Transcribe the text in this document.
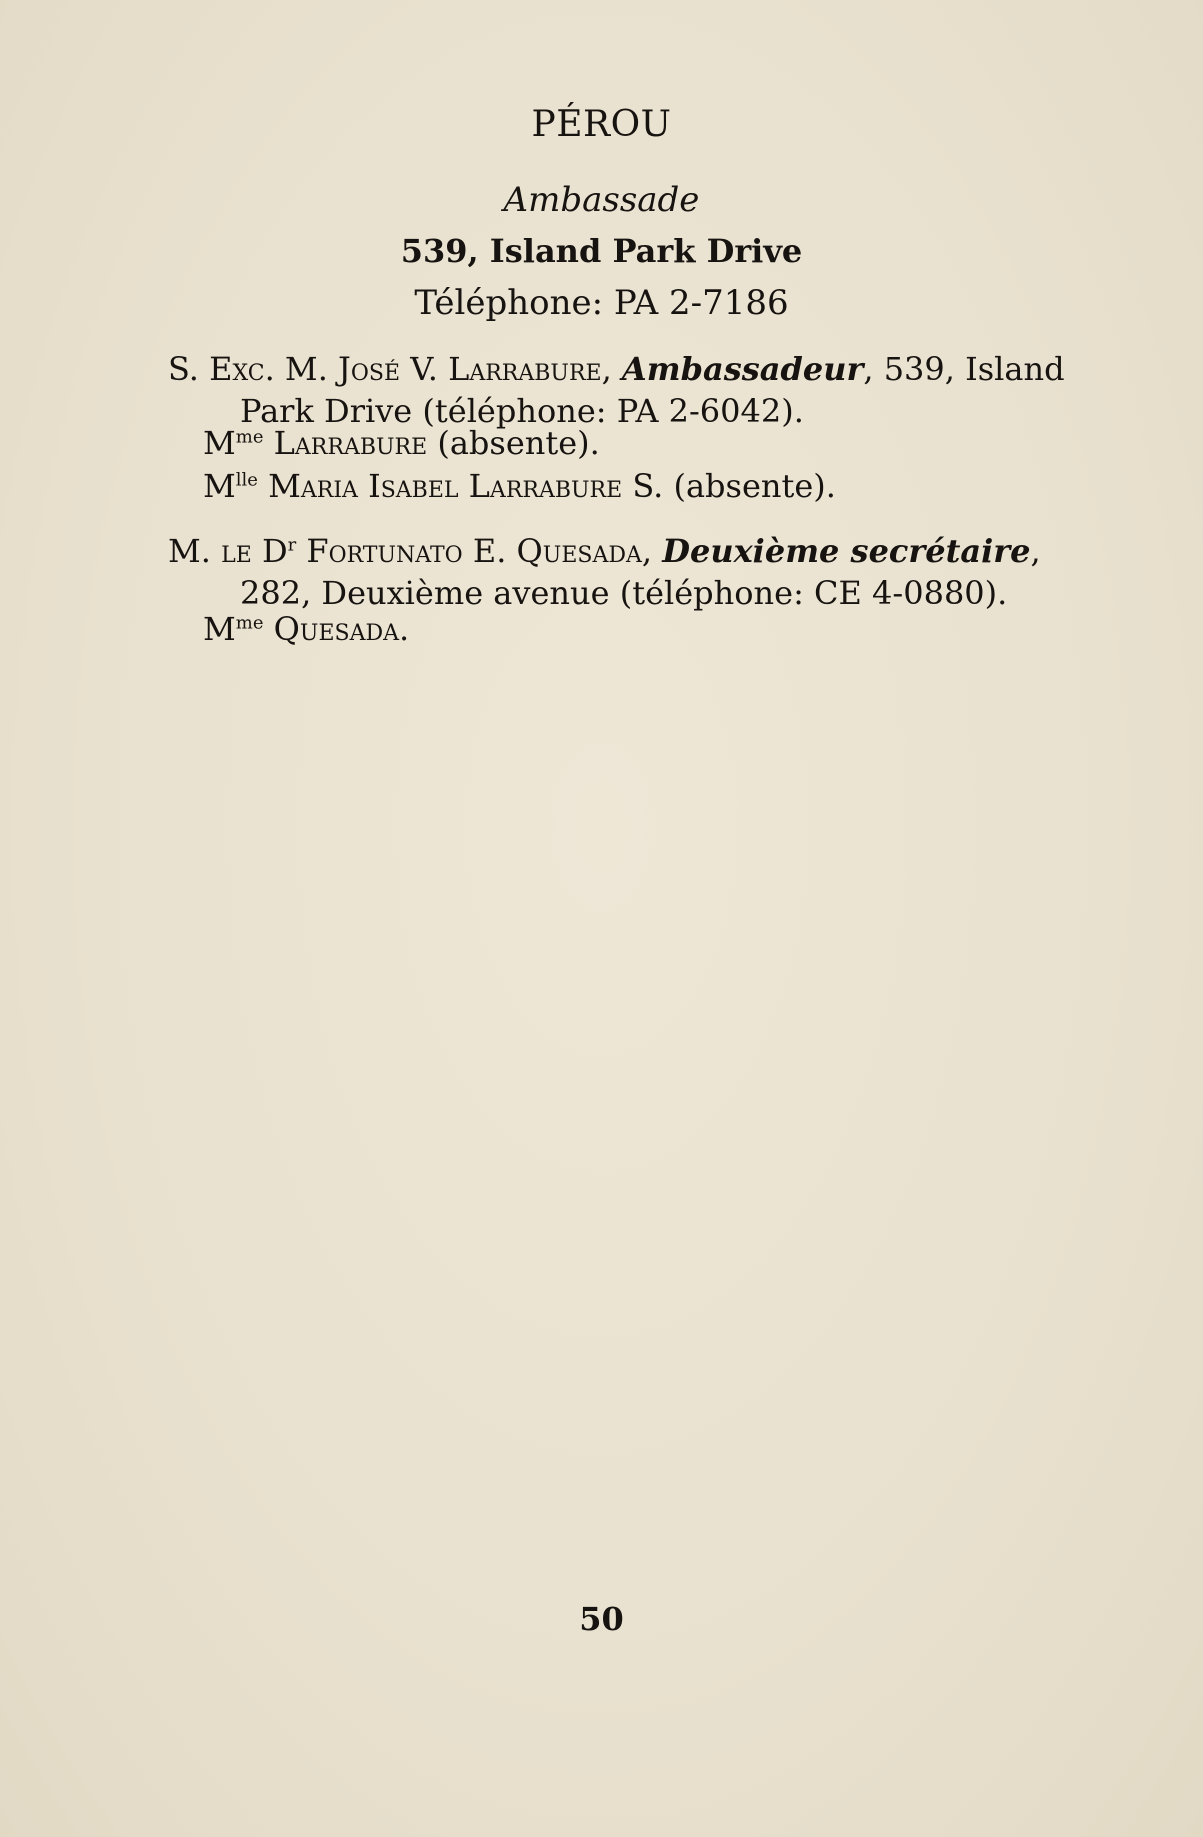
PÉROU
Ambassade
539, Island Park Drive
Téléphone: PA 2-7186
S. Exc. M. José V. Larrabure, Ambassadeur, 539, Island Park Drive (téléphone: PA 2-6042).
$M^{me}$ Larrabure (absente).
$M^{lle}$ Maria Isabel Larrabure S. (absente).
M. le $D^r$ Fortunato E. Quesada, Deuxième secrétaire, 282, Deuxième avenue (téléphone: CE 4-0880).
$M^{me}$ Quesada.
50
